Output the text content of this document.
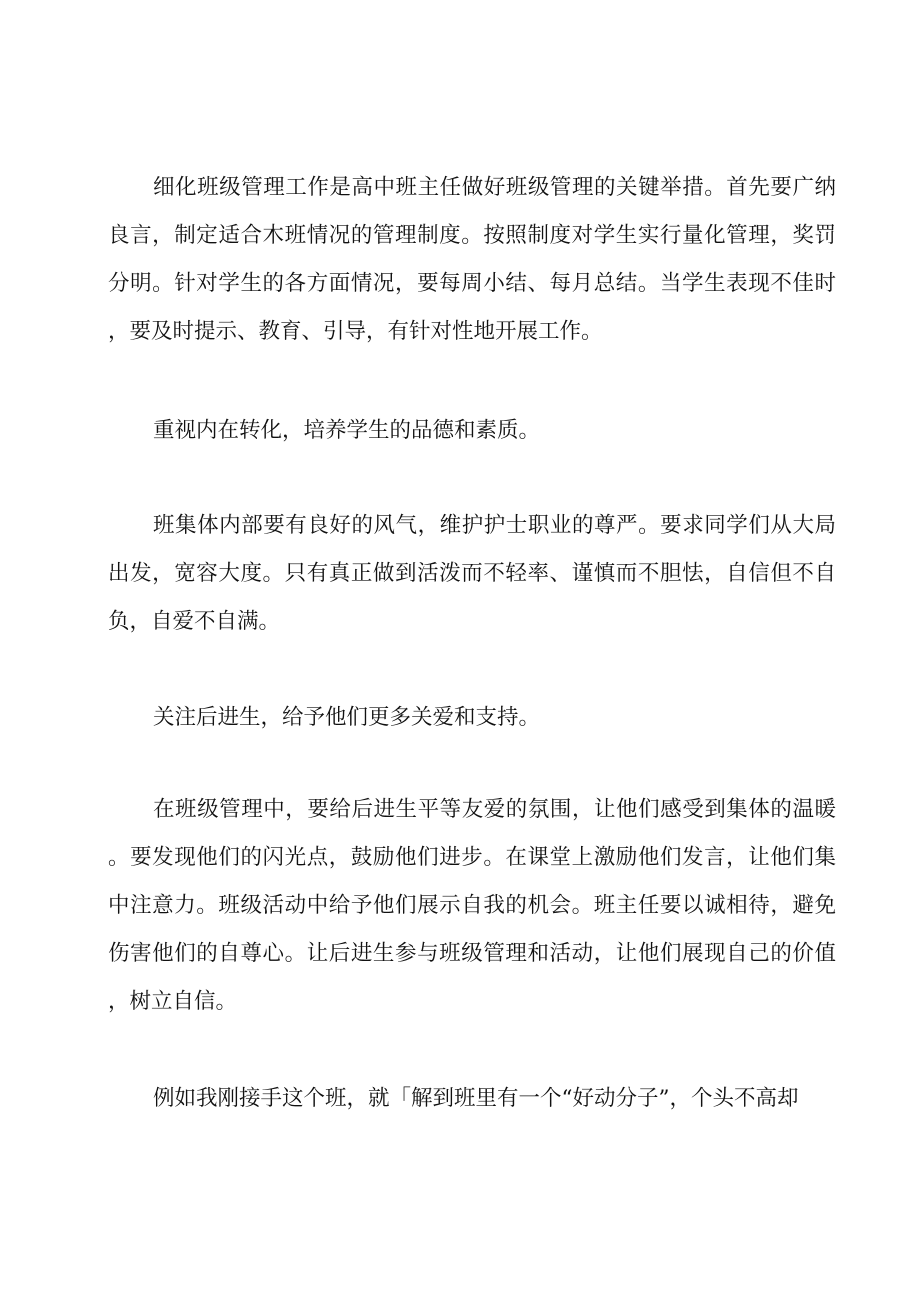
细化班级管理工作是高中班主任做好班级管理的关键举措。首先要广纳良言，制定适合木班情况的管理制度。按照制度对学生实行量化管理，奖罚分明。针对学生的各方面情况，要每周小结、每月总结。当学生表现不佳时，要及时提示、教育、引导，有针对性地开展工作。

重视内在转化，培养学生的品德和素质。

班集体内部要有良好的风气，维护护士职业的尊严。要求同学们从大局出发，宽容大度。只有真正做到活泼而不轻率、谨慎而不胆怯，自信但不自负，自爱不自满。

关注后进生，给予他们更多关爱和支持。

在班级管理中，要给后进生平等友爱的氛围，让他们感受到集体的温暖。要发现他们的闪光点，鼓励他们进步。在课堂上激励他们发言，让他们集中注意力。班级活动中给予他们展示自我的机会。班主任要以诚相待，避免伤害他们的自尊心。让后进生参与班级管理和活动，让他们展现自己的价值，树立自信。

例如我刚接手这个班，就「解到班里有一个“好动分子”，个头不高却
